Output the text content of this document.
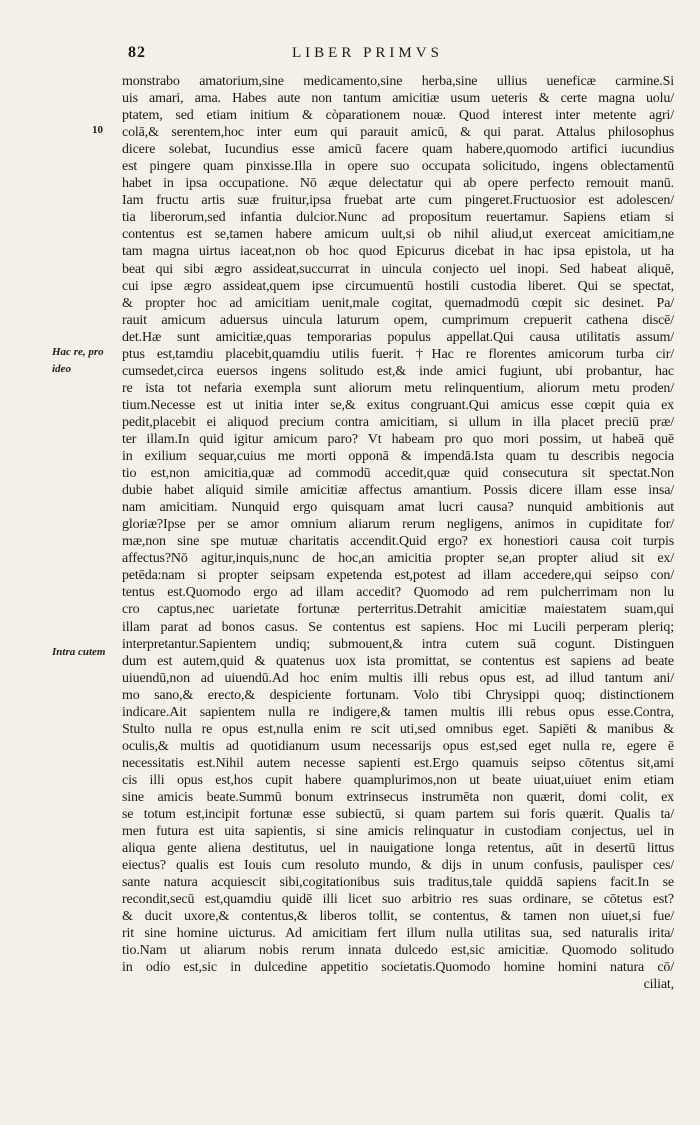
82	LIBER PRIMVS
10
Hac re, pro
ideo
Intra cutem
monstrabo amatorium,sine medicamento,sine herba,sine ullius ueneficæ carmine.Si
uis amari, ama. Habes aute non tantum amicitiæ usum ueteris & certe magna uolu/
ptatem, sed etiam initium & còparationem nouæ. Quod interest inter metente agri/
colā,& serentem,hoc inter eum qui parauit amicū, & qui parat. Attalus philosophus
dicere solebat, Iucundius esse amicū facere quam habere,quomodo artifici iucundius
est pingere quam pinxisse.Illa in opere suo occupata solicitudo, ingens oblectamentū
habet in ipsa occupatione. Nō æque delectatur qui ab opere perfecto remouit manū.
Iam fructu artis suæ fruitur,ipsa fruebat arte cum pingeret.Fructuosior est adolescen/
tia liberorum,sed infantia dulcior.Nunc ad propositum reuertamur. Sapiens etiam si
contentus est se,tamen habere amicum uult,si ob nihil aliud,ut exerceat amicitiam,ne
tam magna uirtus iaceat,non ob hoc quod Epicurus dicebat in hac ipsa epistola, ut ha
beat qui sibi ægro assideat,succurrat in uincula conjecto uel inopi. Sed habeat aliquē,
cui ipse ægro assideat,quem ipse circumuentū hostili custodia liberet. Qui se spectat,
& propter hoc ad amicitiam uenit,male cogitat, quemadmodū cœpit sic desinet. Pa/
rauit amicum aduersus uincula laturum opem, cumprimum crepuerit cathena discē/
det.Hæ sunt amicitiæ,quas temporarias populus appellat.Qui causa utilitatis assum/
ptus est,tamdiu placebit,quamdiu utilis fuerit. †Hac re florentes amicorum turba cir/
cumsedet,circa euersos ingens solitudo est,& inde amici fugiunt, ubi probantur, hac
re ista tot nefaria exempla sunt aliorum metu relinquentium, aliorum metu proden/
tium.Necesse est ut initia inter se,& exitus congruant.Qui amicus esse cœpit quia ex
pedit,placebit ei aliquod precium contra amicitiam, si ullum in illa placet preciū præ/
ter illam.In quid igitur amicum paro? Vt habeam pro quo mori possim, ut habeā quē
in exilium sequar,cuius me morti opponā & impendā.Ista quam tu describis negocia
tio est,non amicitia,quæ ad commodū accedit,quæ quid consecutura sit spectat.Non
dubie habet aliquid simile amicitiæ affectus amantium. Possis dicere illam esse insa/
nam amicitiam. Nunquid ergo quisquam amat lucri causa? nunquid ambitionis aut
gloriæ?Ipse per se amor omnium aliarum rerum negligens, animos in cupiditate for/
mæ,non sine spe mutuæ charitatis accendit.Quid ergo? ex honestiori causa coit turpis
affectus?Nō agitur,inquis,nunc de hoc,an amicitia propter se,an propter aliud sit ex/
petēda:nam si propter seipsam expetenda est,potest ad illam accedere,qui seipso con/
tentus est.Quomodo ergo ad illam accedit? Quomodo ad rem pulcherrimam non lu
cro captus,nec uarietate fortunæ perterritus.Detrahit amicitiæ maiestatem suam,qui
illam parat ad bonos casus. Se contentus est sapiens. Hoc mi Lucili perperam pleriq;
interpretantur.Sapientem undiq; submouent,& intra cutem suā cogunt. Distinguen
dum est autem,quid & quatenus uox ista promittat, se contentus est sapiens ad beate
uiuendū,non ad uiuendū.Ad hoc enim multis illi rebus opus est, ad illud tantum ani/
mo sano,& erecto,& despiciente fortunam. Volo tibi Chrysippi quoq; distinctionem
indicare.Ait sapientem nulla re indigere,& tamen multis illi rebus opus esse.Contra,
Stulto nulla re opus est,nulla enim re scit uti,sed omnibus eget. Sapiēti & manibus &
oculis,& multis ad quotidianum usum necessarijs opus est,sed eget nulla re, egere ē
necessitatis est.Nihil autem necesse sapienti est.Ergo quamuis seipso cōtentus sit,ami
cis illi opus est,hos cupit habere quamplurimos,non ut beate uiuat,uiuet enim etiam
sine amicis beate.Summū bonum extrinsecus instrumēta non quærit, domi colit, ex
se totum est,incipit fortunæ esse subiectū, si quam partem sui foris quærit. Qualis ta/
men futura est uita sapientis, si sine amicis relinquatur in custodiam conjectus, uel in
aliqua gente aliena destitutus, uel in nauigatione longa retentus, aūt in desertū littus
eiectus? qualis est Iouis cum resoluto mundo, & dijs in unum confusis, paulisper ces/
sante natura acquiescit sibi,cogitationibus suis traditus,tale quiddā sapiens facit.In se
recondit,secū est,quamdiu quidē illi licet suo arbitrio res suas ordinare, se cōtetus est?
& ducit uxore,& contentus,& liberos tollit, se contentus, & tamen non uiuet,si fue/
rit sine homine uicturus. Ad amicitiam fert illum nulla utilitas sua, sed naturalis irita/
tio.Nam ut aliarum nobis rerum innata dulcedo est,sic amicitiæ. Quomodo solitudo
in odio est,sic in dulcedine appetitio societatis.Quomodo homine homini natura cō/
ciliat,
